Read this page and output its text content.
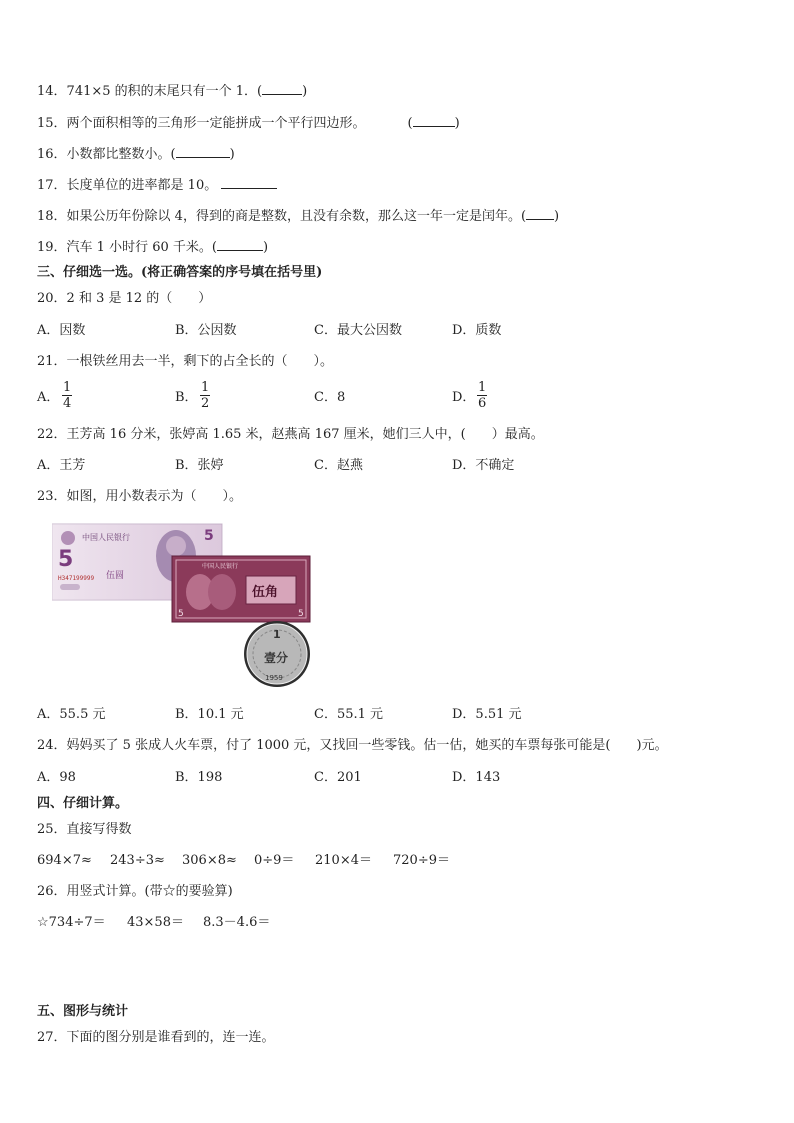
14．741×5 的积的末尾只有一个 1．(	)
15．两个面积相等的三角形一定能拼成一个平行四边形。	(	)
16．小数都比整数小。(	)
17．长度单位的进率都是 10。
18．如果公历年份除以 4，得到的商是整数，且没有余数，那么这一年一定是闰年。( )
19．汽车 1 小时行 60 千米。(	)
三、仔细选一选。(将正确答案的序号填在括号里)
20．2 和 3 是 12 的（　　）
A．因数	B．公因数	C．最大公因数	D．质数
21．一根铁丝用去一半，剩下的占全长的（　　）。
A．
1
4	B．
1
2	C．8	D．
1
6
22．王芳高 16 分米，张婷高 1.65 米，赵燕高 167 厘米，她们三人中，(　　）最高。
A．王芳	B．张婷	C．赵燕	D．不确定
23．如图，用小数表示为（　　）。
中国人民银行
5
H347199999 伍圆
5
中国人民银行
伍角
5	5
1
壹分
1959
A．55.5 元	B．10.1 元	C．55.1 元	D．5.51 元
24．妈妈买了 5 张成人火车票，付了 1000 元，又找回一些零钱。估一估，她买的车票每张可能是(　　)元。
A．98	B．198	C．201	D．143
四、仔细计算。
25．直接写得数
694×7≈ 243÷3≈ 306×8≈ 0÷9＝ 210×4＝ 720÷9＝
26．用竖式计算。(带☆的要验算)
☆734÷7＝ 43×58＝ 8.3－4.6＝
五、图形与统计
27．下面的图分别是谁看到的，连一连。
